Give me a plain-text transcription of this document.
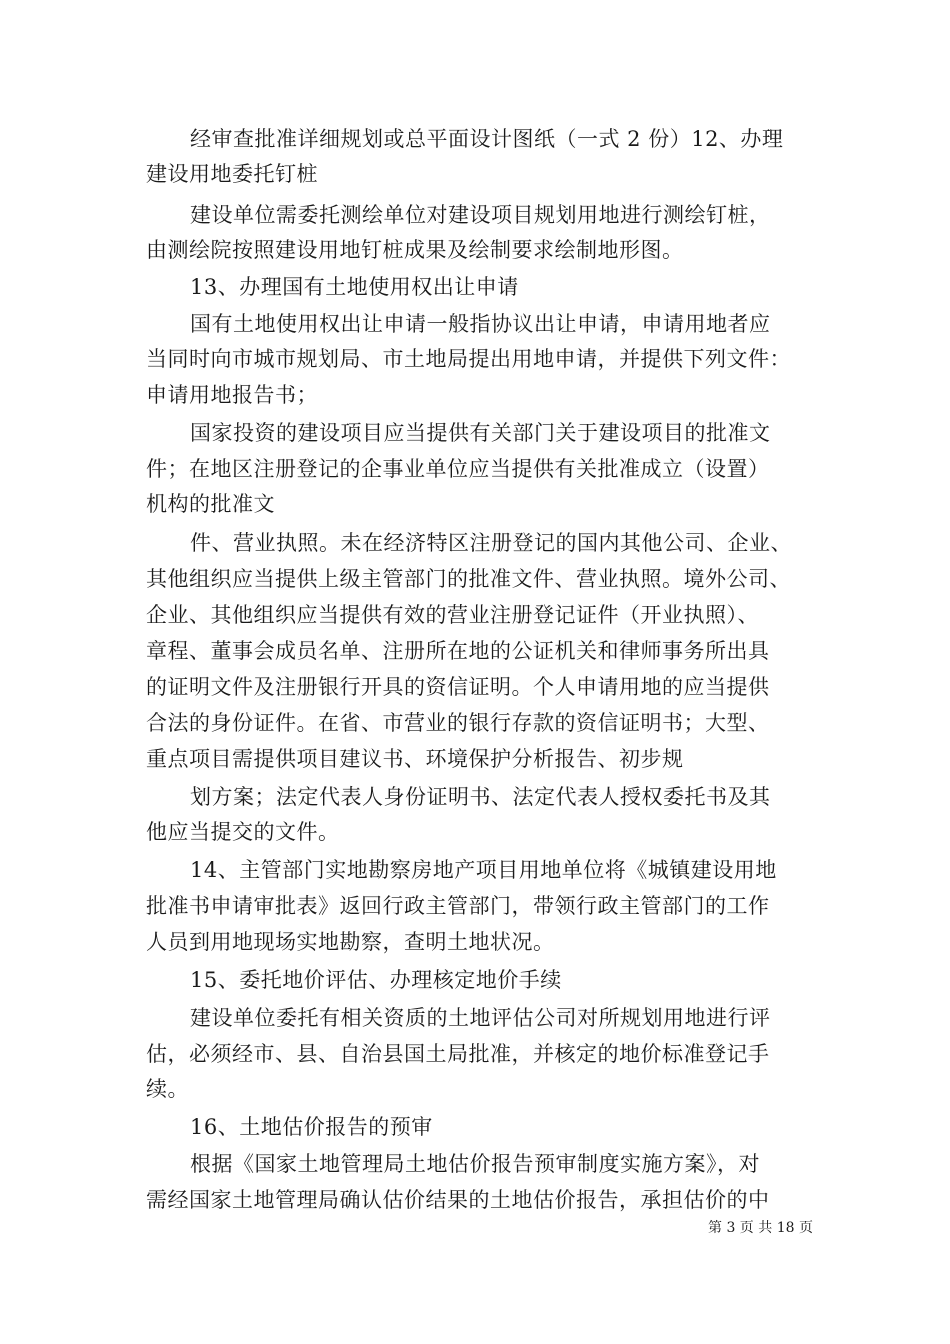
经审查批准详细规划或总平面设计图纸（一式 2 份）12、办理
建设用地委托钉桩
建设单位需委托测绘单位对建设项目规划用地进行测绘钉桩，
由测绘院按照建设用地钉桩成果及绘制要求绘制地形图。
13、办理国有土地使用权出让申请
国有土地使用权出让申请一般指协议出让申请，申请用地者应
当同时向市城市规划局、市土地局提出用地申请，并提供下列文件：
申请用地报告书；
国家投资的建设项目应当提供有关部门关于建设项目的批准文
件；在地区注册登记的企事业单位应当提供有关批准成立（设置）
机构的批准文
件、营业执照。未在经济特区注册登记的国内其他公司、企业、
其他组织应当提供上级主管部门的批准文件、营业执照。境外公司、
企业、其他组织应当提供有效的营业注册登记证件（开业执照）、
章程、董事会成员名单、注册所在地的公证机关和律师事务所出具
的证明文件及注册银行开具的资信证明。个人申请用地的应当提供
合法的身份证件。在省、市营业的银行存款的资信证明书；大型、
重点项目需提供项目建议书、环境保护分析报告、初步规
划方案；法定代表人身份证明书、法定代表人授权委托书及其
他应当提交的文件。
14、主管部门实地勘察房地产项目用地单位将《城镇建设用地
批准书申请审批表》返回行政主管部门，带领行政主管部门的工作
人员到用地现场实地勘察，查明土地状况。
15、委托地价评估、办理核定地价手续
建设单位委托有相关资质的土地评估公司对所规划用地进行评
估，必须经市、县、自治县国土局批准，并核定的地价标准登记手
续。
16、土地估价报告的预审
根据《国家土地管理局土地估价报告预审制度实施方案》，对
需经国家土地管理局确认估价结果的土地估价报告，承担估价的中
第 3 页 共 18 页
